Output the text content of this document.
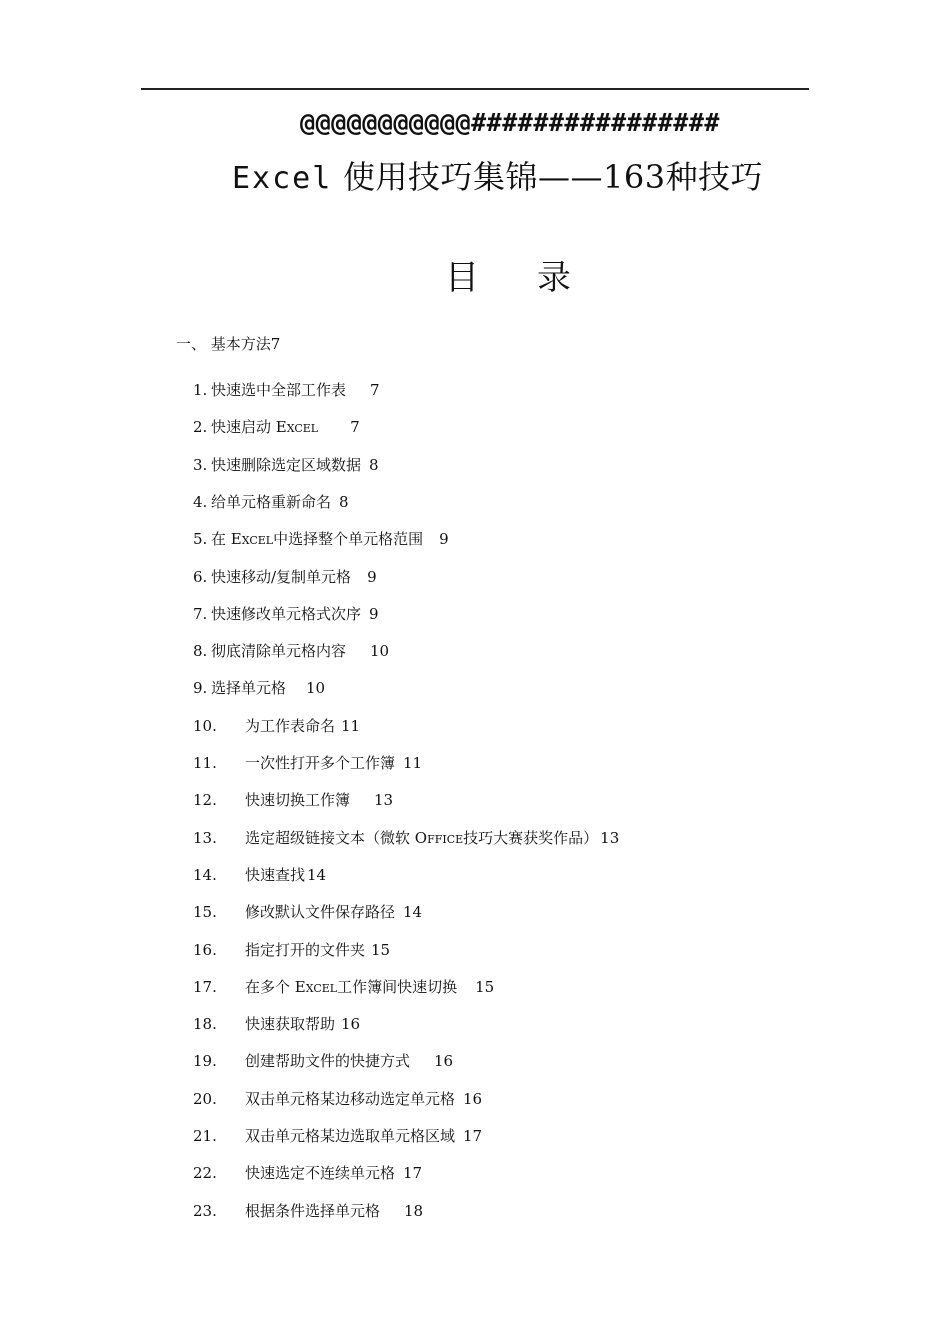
@@@@@@@@@@@################
Excel 使用技巧集锦——163种技巧
目 录
一、 基本方法7
1. 快速选中全部工作表 7
2. 快速启动 EXCEL 7
3. 快速删除选定区域数据 8
4. 给单元格重新命名 8
5. 在 EXCEL中选择整个单元格范围 9
6. 快速移动/复制单元格 9
7. 快速修改单元格式次序 9
8. 彻底清除单元格内容 10
9. 选择单元格 10
10. 为工作表命名 11
11. 一次性打开多个工作簿 11
12. 快速切换工作簿 13
13. 选定超级链接文本（微软 OFFICE技巧大赛获奖作品） 13
14. 快速查找 14
15. 修改默认文件保存路径 14
16. 指定打开的文件夹 15
17. 在多个 EXCEL工作簿间快速切换 15
18. 快速获取帮助 16
19. 创建帮助文件的快捷方式 16
20. 双击单元格某边移动选定单元格 16
21. 双击单元格某边选取单元格区域 17
22. 快速选定不连续单元格 17
23. 根据条件选择单元格 18
